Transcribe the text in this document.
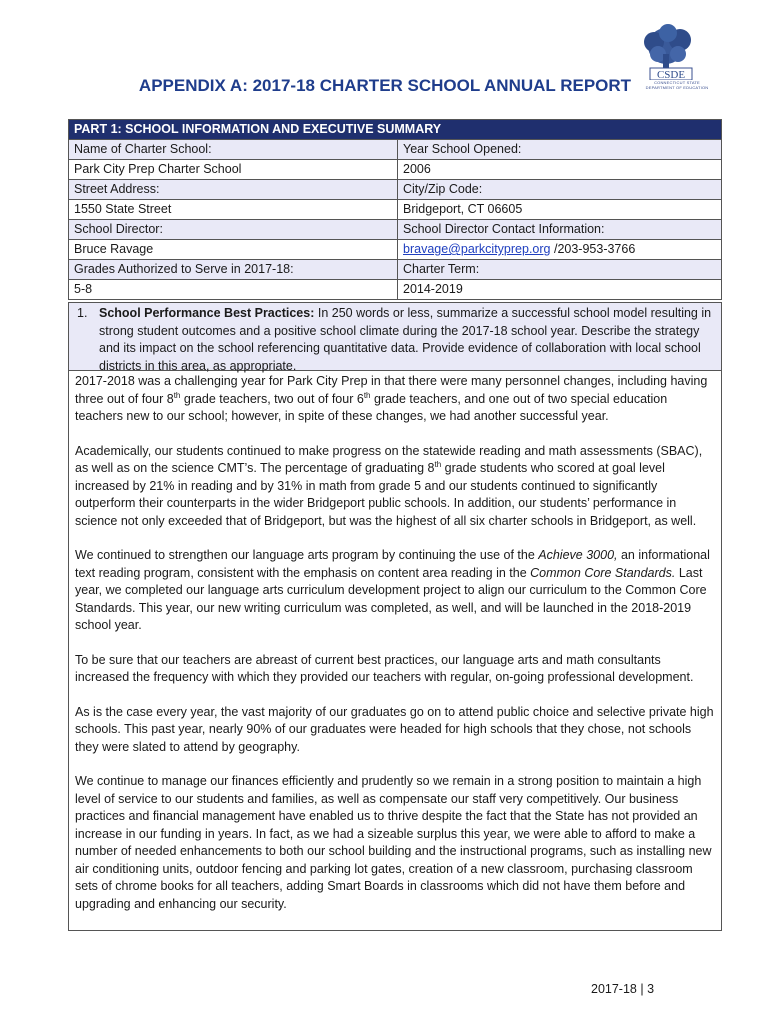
CSDE
CONNECTICUT STATE DEPARTMENT OF EDUCATION
APPENDIX A: 2017-18 CHARTER SCHOOL ANNUAL REPORT
PART 1: SCHOOL INFORMATION AND EXECUTIVE SUMMARY	
Name of Charter School:	Year School Opened:
Park City Prep Charter School	2006
Street Address:	City/Zip Code:
1550 State Street	Bridgeport, CT 06605
School Director:	School Director Contact Information:
Bruce Ravage	bravage@parkcityprep.org /203-953-3766
Grades Authorized to Serve in 2017-18:	Charter Term:
5-8	2014-2019
1. School Performance Best Practices: In 250 words or less, summarize a successful school model resulting in strong student outcomes and a positive school climate during the 2017-18 school year. Describe the strategy and its impact on the school referencing quantitative data. Provide evidence of collaboration with local school districts in this area, as appropriate.

2017-2018 was a challenging year for Park City Prep in that there were many personnel changes, including having three out of four 8th grade teachers, two out of four 6th grade teachers, and one out of two special education teachers new to our school; however, in spite of these changes, we had another successful year.

Academically, our students continued to make progress on the statewide reading and math assessments (SBAC), as well as on the science CMT’s. The percentage of graduating 8th grade students who scored at goal level increased by 21% in reading and by 31% in math from grade 5 and our students continued to significantly outperform their counterparts in the wider Bridgeport public schools. In addition, our students’ performance in science not only exceeded that of Bridgeport, but was the highest of all six charter schools in Bridgeport, as well.

We continued to strengthen our language arts program by continuing the use of the Achieve 3000, an informational text reading program, consistent with the emphasis on content area reading in the Common Core Standards. Last year, we completed our language arts curriculum development project to align our curriculum to the Common Core Standards. This year, our new writing curriculum was completed, as well, and will be launched in the 2018-2019 school year.

To be sure that our teachers are abreast of current best practices, our language arts and math consultants increased the frequency with which they provided our teachers with regular, on-going professional development.

As is the case every year, the vast majority of our graduates go on to attend public choice and selective private high schools. This past year, nearly 90% of our graduates were headed for high schools that they chose, not schools they were slated to attend by geography.

We continue to manage our finances efficiently and prudently so we remain in a strong position to maintain a high level of service to our students and families, as well as compensate our staff very competitively. Our business practices and financial management have enabled us to thrive despite the fact that the State has not provided an increase in our funding in years. In fact, as we had a sizeable surplus this year, we were able to afford to make a number of needed enhancements to both our school building and the instructional programs, such as installing new air conditioning units, outdoor fencing and parking lot gates, creation of a new classroom, purchasing classroom sets of chrome books for all teachers, adding Smart Boards in classrooms which did not have them before and upgrading and enhancing our security.

2017-18 | 3
